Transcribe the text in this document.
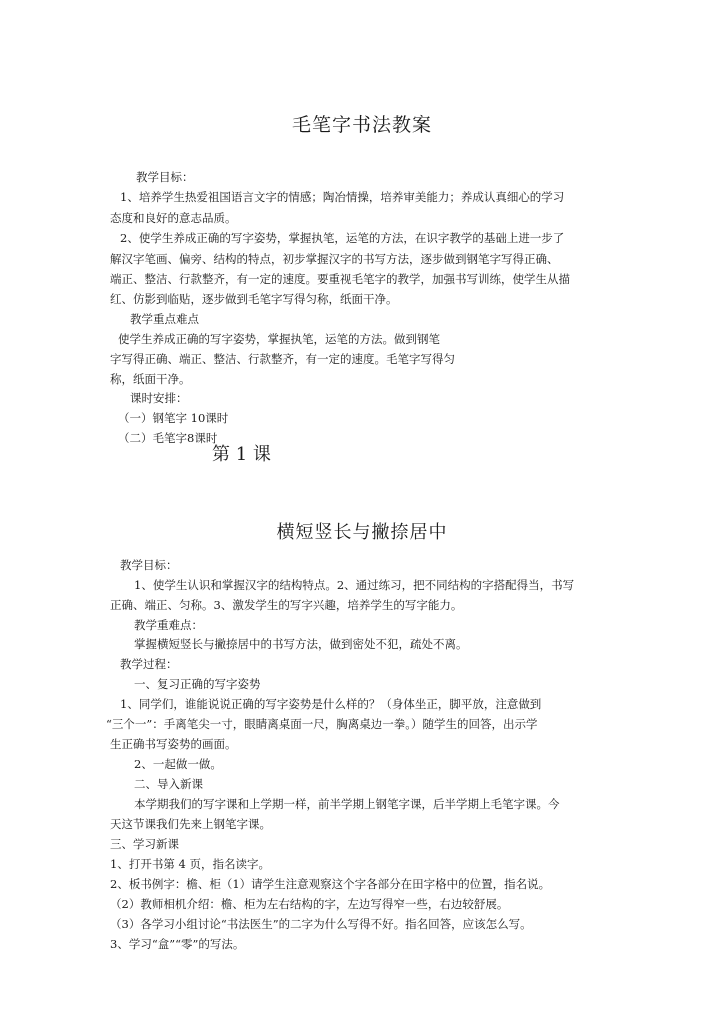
毛笔字书法教案
教学目标：
1、培养学生热爱祖国语言文字的情感；陶冶情操，培养审美能力；养成认真细心的学习
态度和良好的意志品质。
2、使学生养成正确的写字姿势，掌握执笔，运笔的方法，在识字教学的基础上进一步了
解汉字笔画、偏旁、结构的特点，初步掌握汉字的书写方法，逐步做到钢笔字写得正确、
端正、整洁、行款整齐，有一定的速度。要重视毛笔字的教学，加强书写训练，使学生从描
红、仿影到临贴，逐步做到毛笔字写得匀称，纸面干净。
教学重点难点
使学生养成正确的写字姿势，掌握执笔，运笔的方法。做到钢笔
字写得正确、端正、整洁、行款整齐，有一定的速度。毛笔字写得匀
称，纸面干净。
课时安排：
（一）钢笔字 10课时
（二）毛笔字8课时
第 1 课
横短竖长与撇捺居中
教学目标：
1、使学生认识和掌握汉字的结构特点。2、通过练习，把不同结构的字搭配得当，书写
正确、端正、匀称。3、激发学生的写字兴趣，培养学生的写字能力。
教学重难点：
掌握横短竖长与撇捺居中的书写方法，做到密处不犯，疏处不离。
教学过程：
一、复习正确的写字姿势
1、同学们，谁能说说正确的写字姿势是什么样的？（身体坐正，脚平放，注意做到
“三个一”：手离笔尖一寸，眼睛离桌面一尺，胸离桌边一拳。）随学生的回答，出示学
生正确书写姿势的画面。
2、一起做一做。
二、导入新课
本学期我们的写字课和上学期一样，前半学期上钢笔字课，后半学期上毛笔字课。今
天这节课我们先来上钢笔字课。
三、学习新课
1、打开书第 4 页，指名读字。
2、板书例字：檐、柜（1）请学生注意观察这个字各部分在田字格中的位置，指名说。
（2）教师相机介绍：檐、柜为左右结构的字，左边写得窄一些，右边较舒展。
（3）各学习小组讨论“书法医生”的二字为什么写得不好。指名回答，应该怎么写。
3、学习“盒”“零”的写法。
